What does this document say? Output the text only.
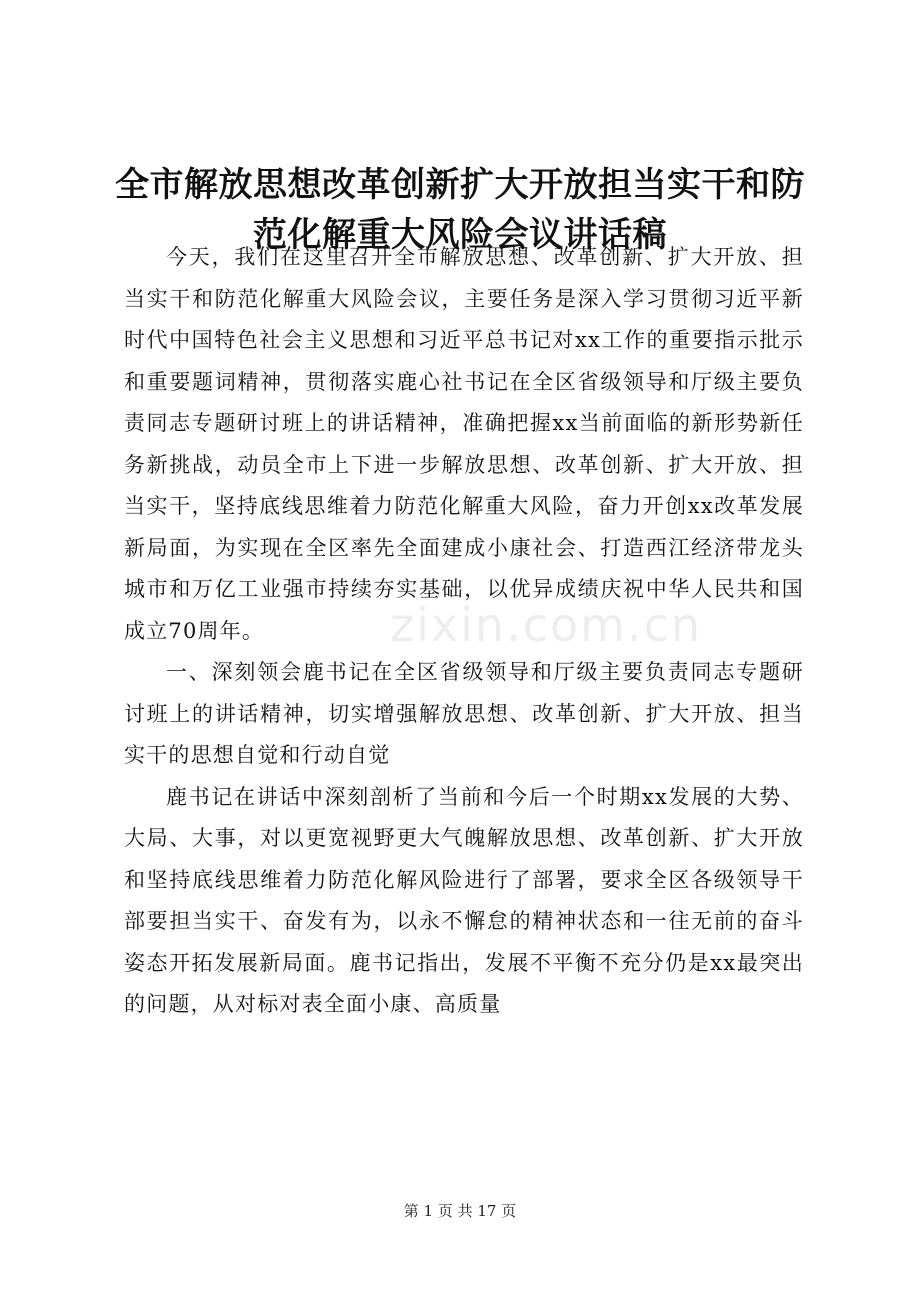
全市解放思想改革创新扩大开放担当实干和防
范化解重大风险会议讲话稿

今天，我们在这里召开全市解放思想、改革创新、扩大开放、担当实干和防范化解重大风险会议，主要任务是深入学习贯彻习近平新时代中国特色社会主义思想和习近平总书记对xx工作的重要指示批示和重要题词精神，贯彻落实鹿心社书记在全区省级领导和厅级主要负责同志专题研讨班上的讲话精神，准确把握xx当前面临的新形势新任务新挑战，动员全市上下进一步解放思想、改革创新、扩大开放、担当实干，坚持底线思维着力防范化解重大风险，奋力开创xx改革发展新局面，为实现在全区率先全面建成小康社会、打造西江经济带龙头城市和万亿工业强市持续夯实基础，以优异成绩庆祝中华人民共和国成立70周年。

一、深刻领会鹿书记在全区省级领导和厅级主要负责同志专题研讨班上的讲话精神，切实增强解放思想、改革创新、扩大开放、担当实干的思想自觉和行动自觉

鹿书记在讲话中深刻剖析了当前和今后一个时期xx发展的大势、大局、大事，对以更宽视野更大气魄解放思想、改革创新、扩大开放和坚持底线思维着力防范化解风险进行了部署，要求全区各级领导干部要担当实干、奋发有为，以永不懈怠的精神状态和一往无前的奋斗姿态开拓发展新局面。鹿书记指出，发展不平衡不充分仍是xx最突出的问题，从对标对表全面小康、高质量

zixin.com.cn
第 1 页 共 17 页
